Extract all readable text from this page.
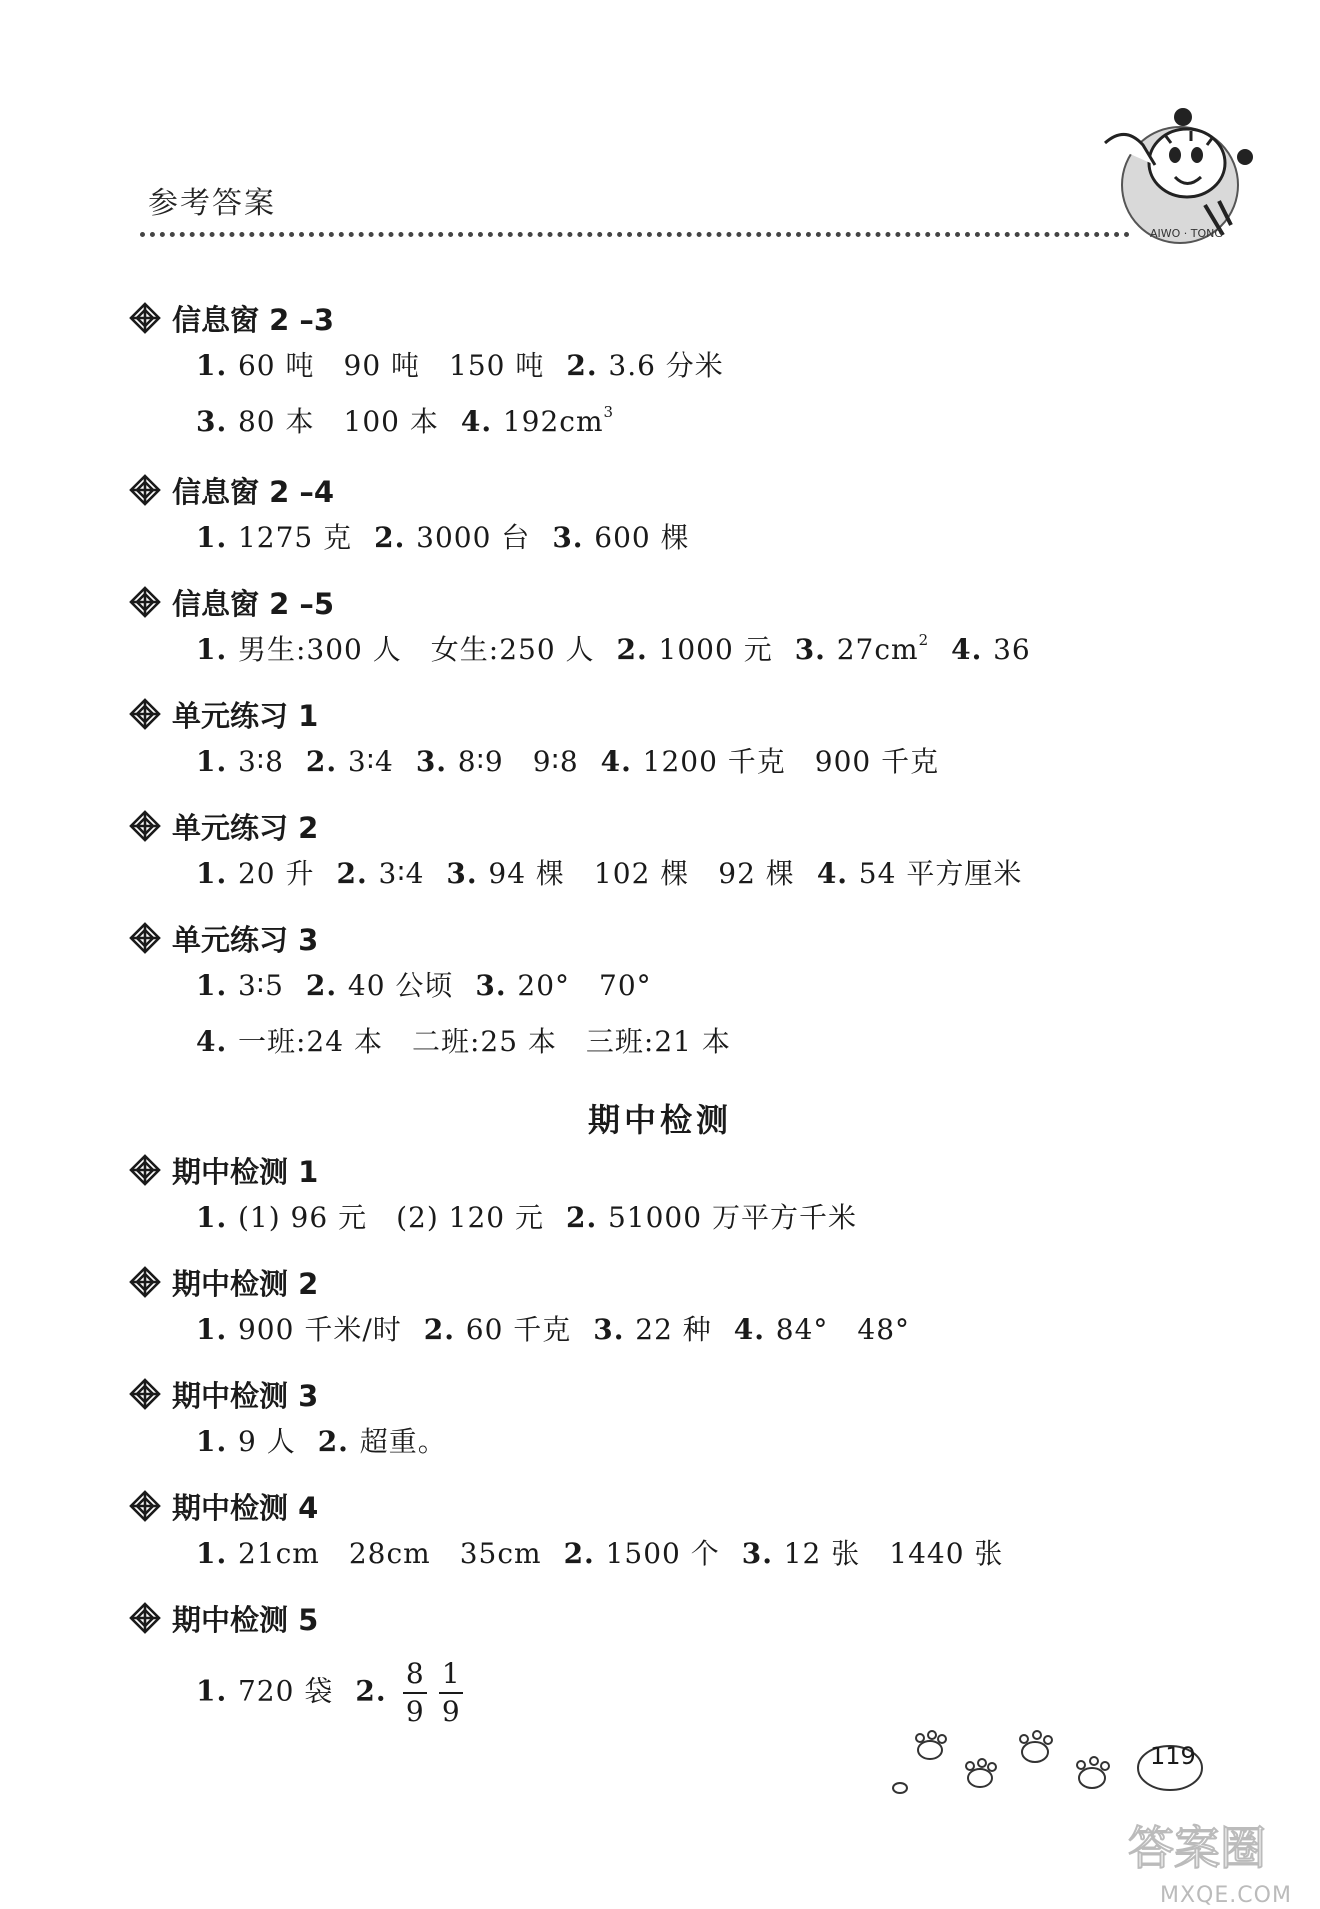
参考答案
AIWO · TONG
信息窗 2 –3
1. 60 吨　90 吨　150 吨 2. 3.6 分米
3. 80 本　100 本 4. $192cm^3$
信息窗 2 –4
1. 1275 克 2. 3000 台 3. 600 棵
信息窗 2 –5
1. 男生:300 人　女生:250 人 2. 1000 元 3. $27cm^2$ 4. 36
单元练习 1
1. 3∶8 2. 3∶4 3. 8∶9　9∶8 4. 1200 千克　900 千克
单元练习 2
1. 20 升 2. 3∶4 3. 94 棵　102 棵　92 棵 4. 54 平方厘米
单元练习 3
1. 3∶5 2. 40 公顷 3. 20°　70°
4. 一班:24 本　二班:25 本　三班:21 本
期中检测 1
1. (1) 96 元　(2) 120 元 2. 51000 万平方千米
期中检测 2
1. 900 千米/时 2. 60 千克 3. 22 种 4. 84°　48°
期中检测 3
1. 9 人 2. 超重。
期中检测 4
1. 21cm　28cm　35cm 2. 1500 个 3. 12 张　1440 张
期中检测 5
1. 720 袋 2. $\frac{8}{9} \frac{1}{9}$
期中检测
119
答案圈
MXQE.COM
